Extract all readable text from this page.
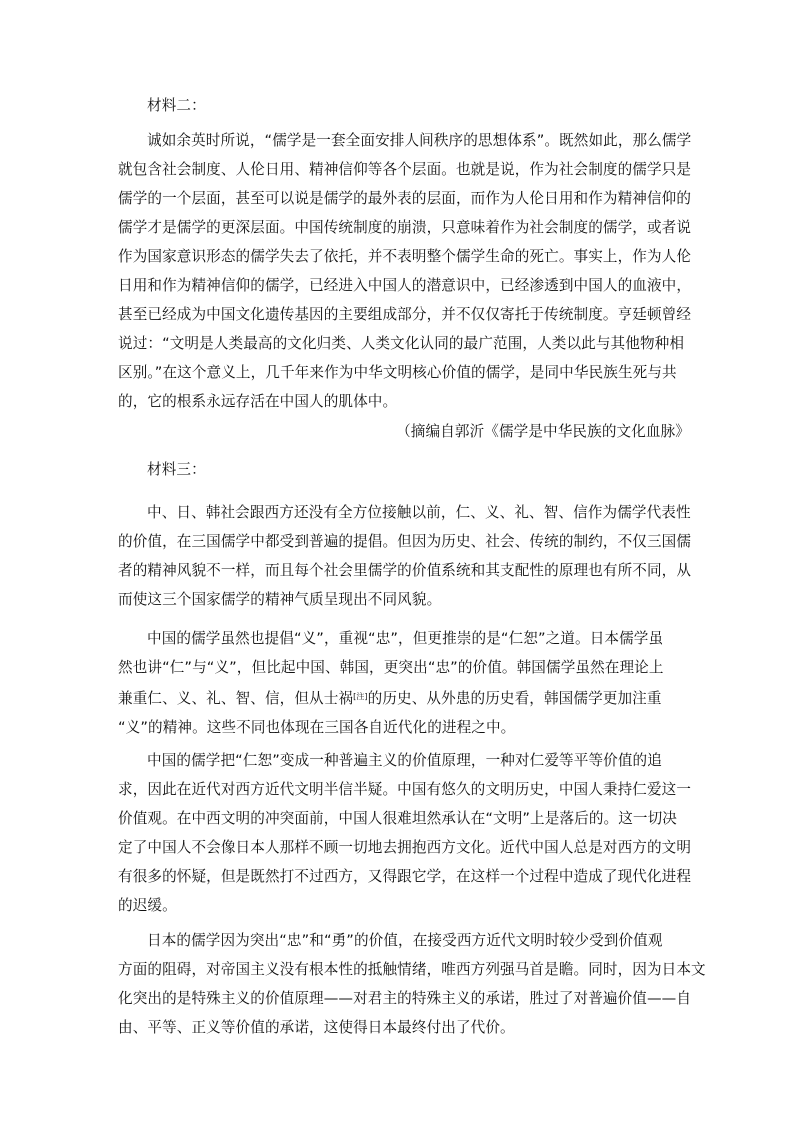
材料二：

诚如余英时所说，“儒学是一套全面安排人间秩序的思想体系”。既然如此，那么儒学

就包含社会制度、人伦日用、精神信仰等各个层面。也就是说，作为社会制度的儒学只是

儒学的一个层面，甚至可以说是儒学的最外表的层面，而作为人伦日用和作为精神信仰的

儒学才是儒学的更深层面。中国传统制度的崩溃，只意味着作为社会制度的儒学，或者说

作为国家意识形态的儒学失去了依托，并不表明整个儒学生命的死亡。事实上，作为人伦

日用和作为精神信仰的儒学，已经进入中国人的潜意识中，已经渗透到中国人的血液中，

甚至已经成为中国文化遗传基因的主要组成部分，并不仅仅寄托于传统制度。亨廷顿曾经

说过：“文明是人类最高的文化归类、人类文化认同的最广范围，人类以此与其他物种相

区别。”在这个意义上，几千年来作为中华文明核心价值的儒学，是同中华民族生死与共

的，它的根系永远存活在中国人的肌体中。

（摘编自郭沂《儒学是中华民族的文化血脉》
材料三：

中、日、韩社会跟西方还没有全方位接触以前，仁、义、礼、智、信作为儒学代表性

的价值，在三国儒学中都受到普遍的提倡。但因为历史、社会、传统的制约，不仅三国儒

者的精神风貌不一样，而且每个社会里儒学的价值系统和其支配性的原理也有所不同，从

而使这三个国家儒学的精神气质呈现出不同风貌。

中国的儒学虽然也提倡“义”，重视“忠”，但更推崇的是“仁恕”之道。日本儒学虽

然也讲“仁”与“义”，但比起中国、韩国，更突出“忠”的价值。韩国儒学虽然在理论上

兼重仁、义、礼、智、信，但从士祸[注]的历史、从外患的历史看，韩国儒学更加注重

“义”的精神。这些不同也体现在三国各自近代化的进程之中。

中国的儒学把“仁恕”变成一种普遍主义的价值原理，一种对仁爱等平等价值的追

求，因此在近代对西方近代文明半信半疑。中国有悠久的文明历史，中国人秉持仁爱这一

价值观。在中西文明的冲突面前，中国人很难坦然承认在“文明”上是落后的。这一切决

定了中国人不会像日本人那样不顾一切地去拥抱西方文化。近代中国人总是对西方的文明

有很多的怀疑，但是既然打不过西方，又得跟它学，在这样一个过程中造成了现代化进程

的迟缓。

日本的儒学因为突出“忠”和“勇”的价值，在接受西方近代文明时较少受到价值观

方面的阻碍，对帝国主义没有根本性的抵触情绪，唯西方列强马首是瞻。同时，因为日本文

化突出的是特殊主义的价值原理——对君主的特殊主义的承诺，胜过了对普遍价值——自

由、平等、正义等价值的承诺，这使得日本最终付出了代价。
